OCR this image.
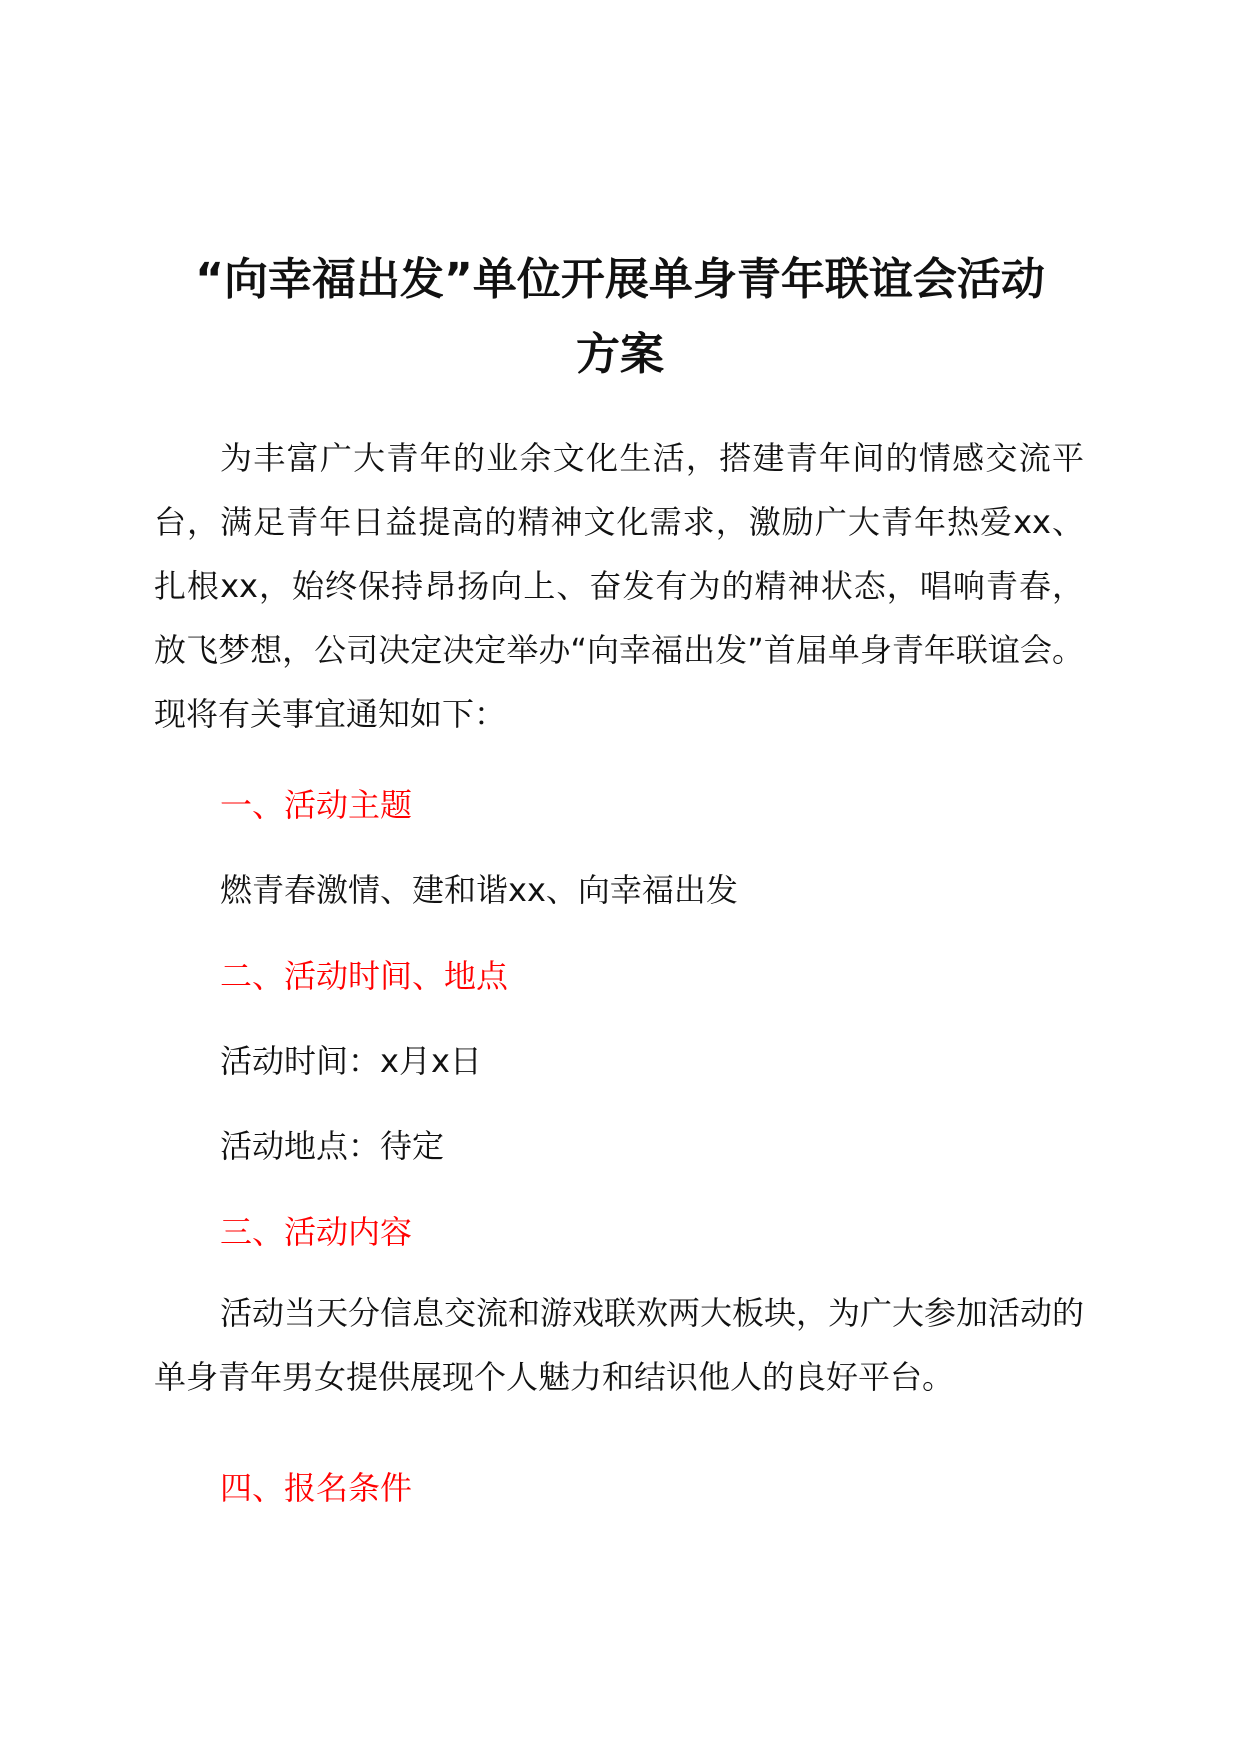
“向幸福出发”单位开展单身青年联谊会活动
方案

为丰富广大青年的业余文化生活，搭建青年间的情感交流平台，满足青年日益提高的精神文化需求，激励广大青年热爱xx、扎根xx，始终保持昂扬向上、奋发有为的精神状态，唱响青春，放飞梦想，公司决定决定举办“向幸福出发”首届单身青年联谊会。现将有关事宜通知如下：

一、活动主题

燃青春激情、建和谐xx、向幸福出发

二、活动时间、地点

活动时间：x月x日

活动地点：待定

三、活动内容

活动当天分信息交流和游戏联欢两大板块，为广大参加活动的单身青年男女提供展现个人魅力和结识他人的良好平台。

四、报名条件
